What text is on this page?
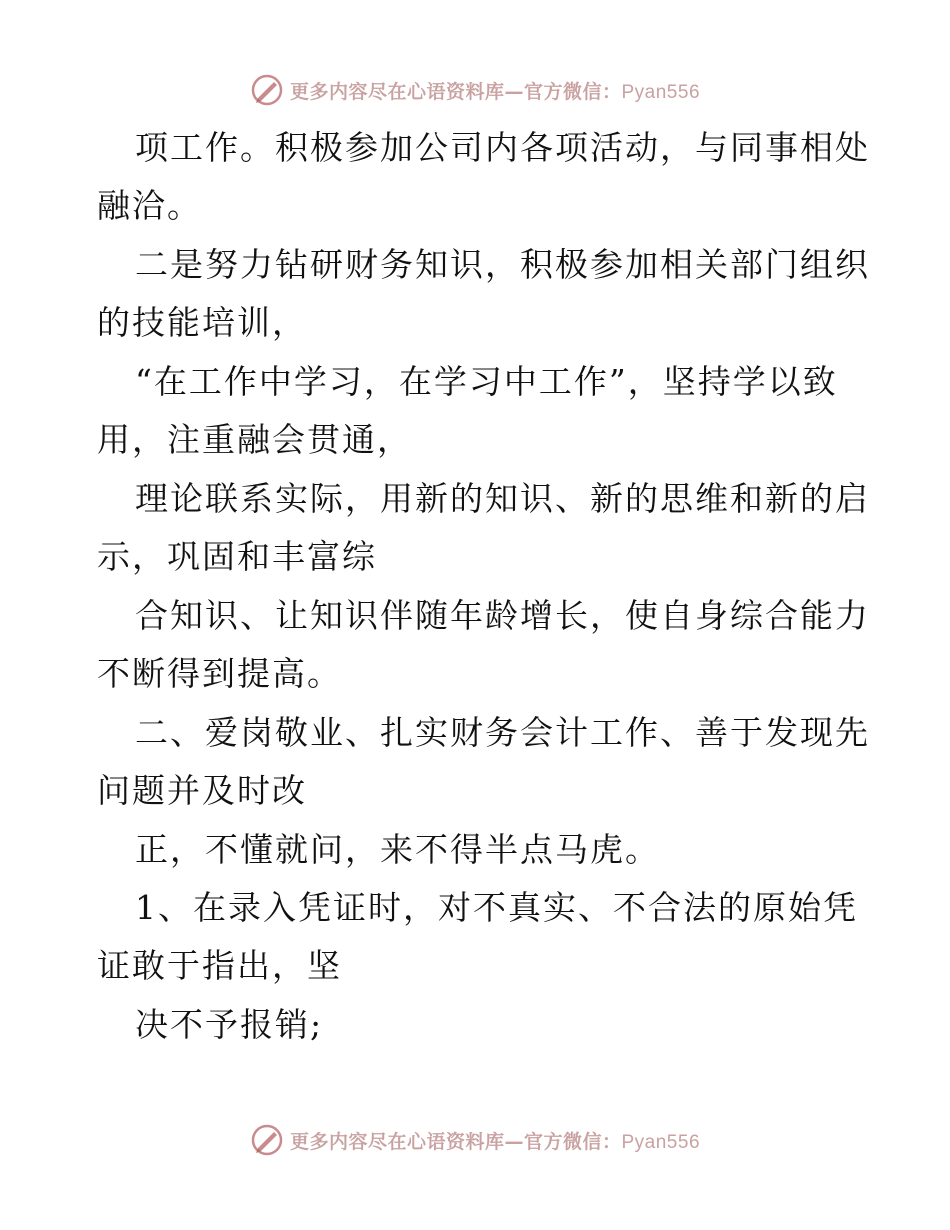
更多内容尽在心语资料库—官方微信：Pyan556
项工作。积极参加公司内各项活动，与同事相处
融洽。
二是努力钻研财务知识，积极参加相关部门组织
的技能培训，
“在工作中学习，在学习中工作”，坚持学以致
用，注重融会贯通，
理论联系实际，用新的知识、新的思维和新的启
示，巩固和丰富综
合知识、让知识伴随年龄增长，使自身综合能力
不断得到提高。
二、爱岗敬业、扎实财务会计工作、善于发现先
问题并及时改
正，不懂就问，来不得半点马虎。
1、在录入凭证时，对不真实、不合法的原始凭
证敢于指出，坚
决不予报销;
更多内容尽在心语资料库—官方微信：Pyan556
